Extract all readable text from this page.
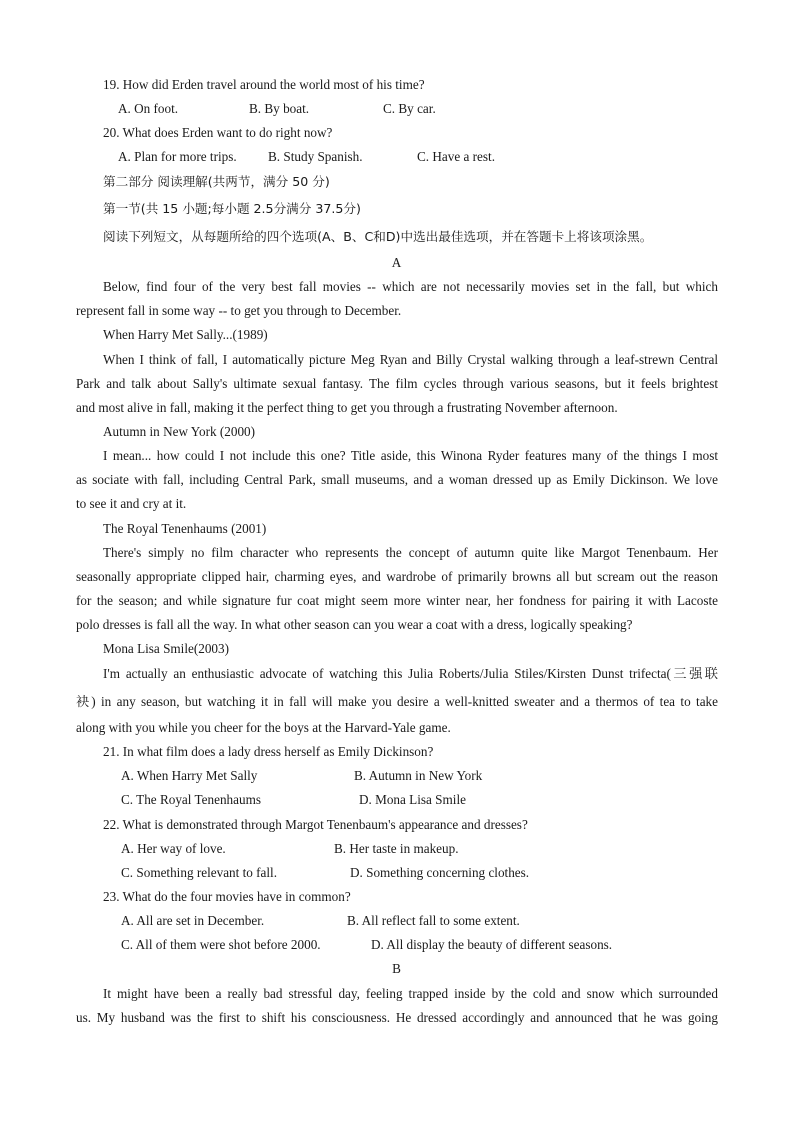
19. How did Erden travel around the world most of his time?
A. On foot.	B. By boat.	C. By car.
20. What does Erden want to do right now?
A. Plan for more trips. B. Study Spanish.	C. Have a rest.
第二部分 阅读理解(共两节，满分 50 分)
第一节(共 15 小题;每小题 2.5分满分 37.5分)
阅读下列短文，从每题所给的四个选项(A、B、C和D)中选出最佳选项，并在答题卡上将该项涂黑。
A
Below, find four of the very best fall movies -- which are not necessarily movies set in the fall, but which
represent fall in some way -- to get you through to December.
When Harry Met Sally...(1989)
When I think of fall, I automatically picture Meg Ryan and Billy Crystal walking through a leaf-strewn Central
Park and talk about Sally's ultimate sexual fantasy. The film cycles through various seasons, but it feels brightest
and most alive in fall, making it the perfect thing to get you through a frustrating November afternoon.
Autumn in New York (2000)
I mean... how could I not include this one? Title aside, this Winona Ryder features many of the things I most
as sociate with fall, including Central Park, small museums, and a woman dressed up as Emily Dickinson. We love
to see it and cry at it.
The Royal Tenenhaums (2001)
There's simply no film character who represents the concept of autumn quite like Margot Tenenbaum. Her
seasonally appropriate clipped hair, charming eyes, and wardrobe of primarily browns all but scream out the reason
for the season; and while signature fur coat might seem more winter near, her fondness for pairing it with Lacoste
polo dresses is fall all the way. In what other season can you wear a coat with a dress, logically speaking?
Mona Lisa Smile(2003)
I'm actually an enthusiastic advocate of watching this Julia Roberts/Julia Stiles/Kirsten Dunst trifecta(三强联
袂) in any season, but watching it in fall will make you desire a well-knitted sweater and a thermos of tea to take
along with you while you cheer for the boys at the Harvard-Yale game.
21. In what film does a lady dress herself as Emily Dickinson?
A. When Harry Met Sally	B. Autumn in New York
C. The Royal Tenenhaums	D. Mona Lisa Smile
22. What is demonstrated through Margot Tenenbaum's appearance and dresses?
A. Her way of love.	B. Her taste in makeup.
C. Something relevant to fall.	D. Something concerning clothes.
23. What do the four movies have in common?
A. All are set in December.	B. All reflect fall to some extent.
C. All of them were shot before 2000.	D. All display the beauty of different seasons.
B
It might have been a really bad stressful day, feeling trapped inside by the cold and snow which surrounded
us. My husband was the first to shift his consciousness. He dressed accordingly and announced that he was going
